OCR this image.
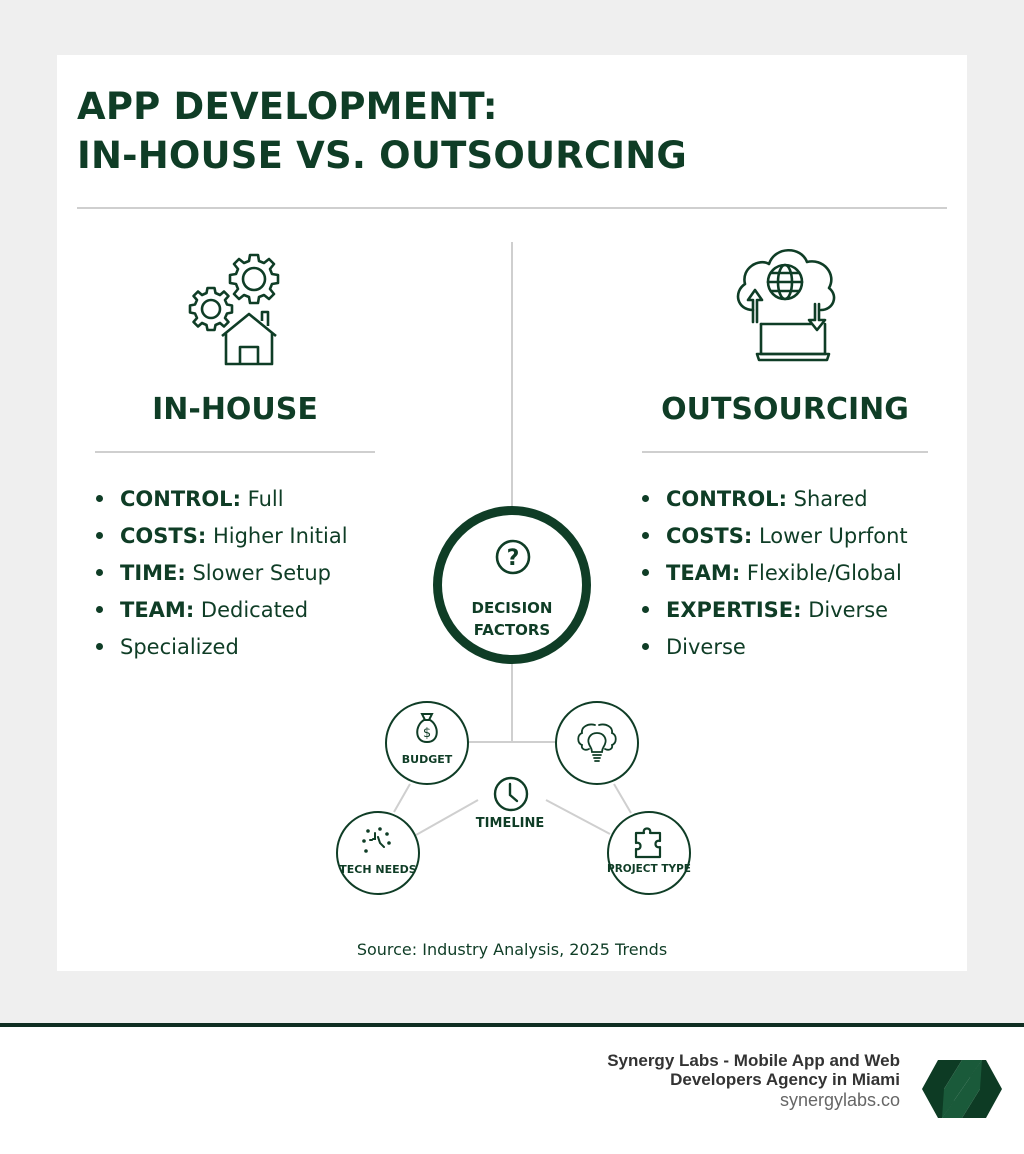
APP DEVELOPMENT:
IN-HOUSE VS. OUTSOURCING
IN-HOUSE
CONTROL: Full
COSTS: Higher Initial
TIME: Slower Setup
TEAM: Dedicated
Specialized
OUTSOURCING
CONTROL: Shared
COSTS: Lower Uprfont
TEAM: Flexible/Global
EXPERTISE: Diverse
Diverse
?
DECISION
FACTORS
$
BUDGET
TIMELINE
TECH NEEDS	PROJECT TYPE
Source: Industry Analysis, 2025 Trends
Synergy Labs - Mobile App and Web
Developers Agency in Miami
synergylabs.co
